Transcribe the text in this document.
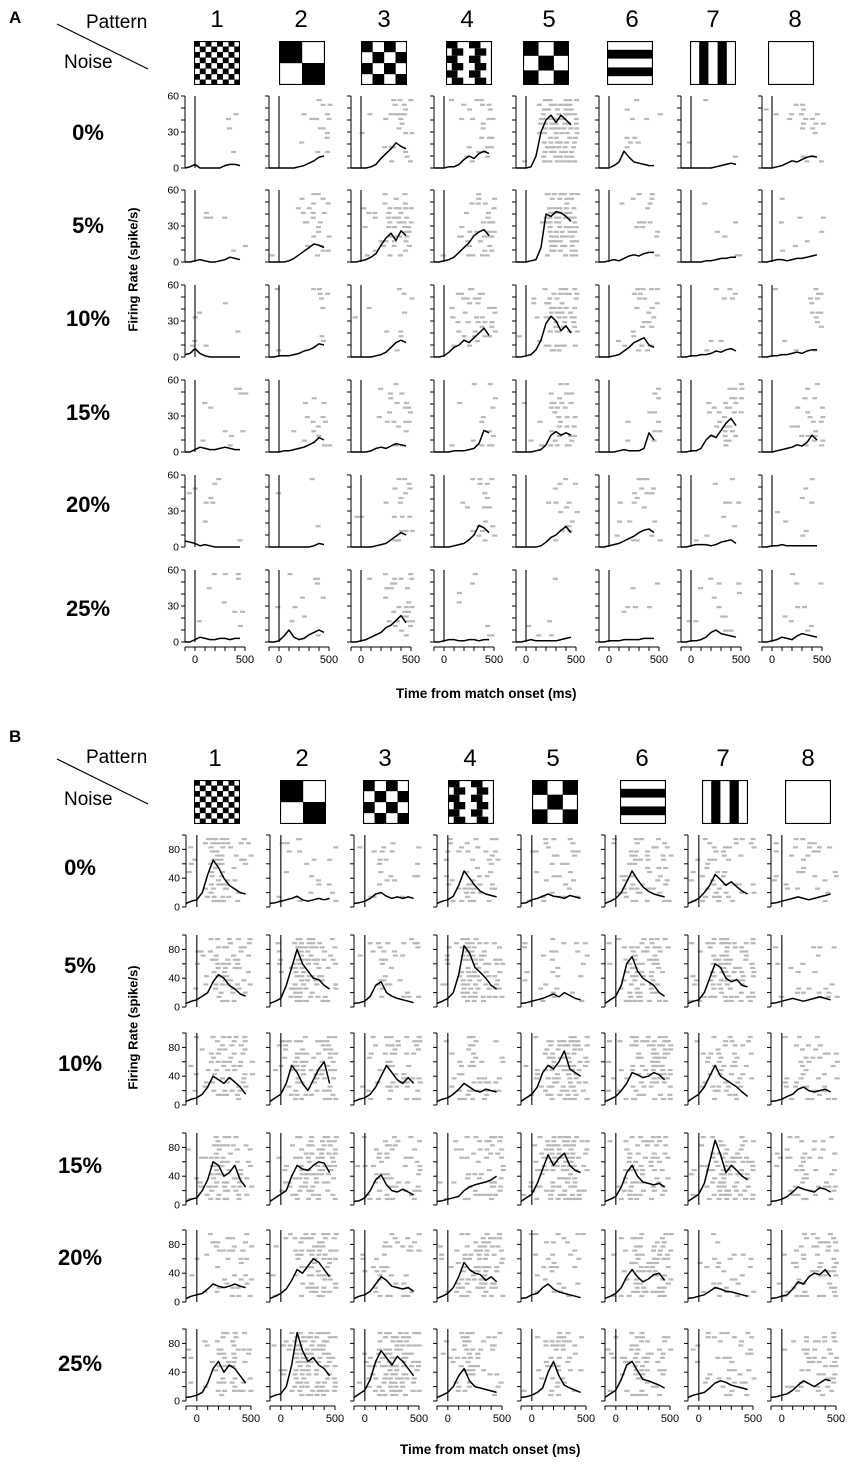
A	Pattern
Noise
1	2	3	4	5	6	7	8
0%
5%
10%
15%
20%
25%
Firing Rate (spike/s)
Time from match onset (ms)
0
30
60
0
30
60
0
30
60
0
30
60
0
30
60
0	500
0
30
60
0	500 0	500 0	500 0	500 0	500 0	500 0	500
B
Pattern
Noise
1	2	3	4	5	6	7	8
0%
5%
10%
15%
20%
25%
Firing Rate (spike/s)
Time from match onset (ms)
0
40
80
0
40
80
0
40
80
0
40
80
0
40
80
0	500
0
40
80
0	500 0	500 0	500 0	500 0	500 0	500 0	500
